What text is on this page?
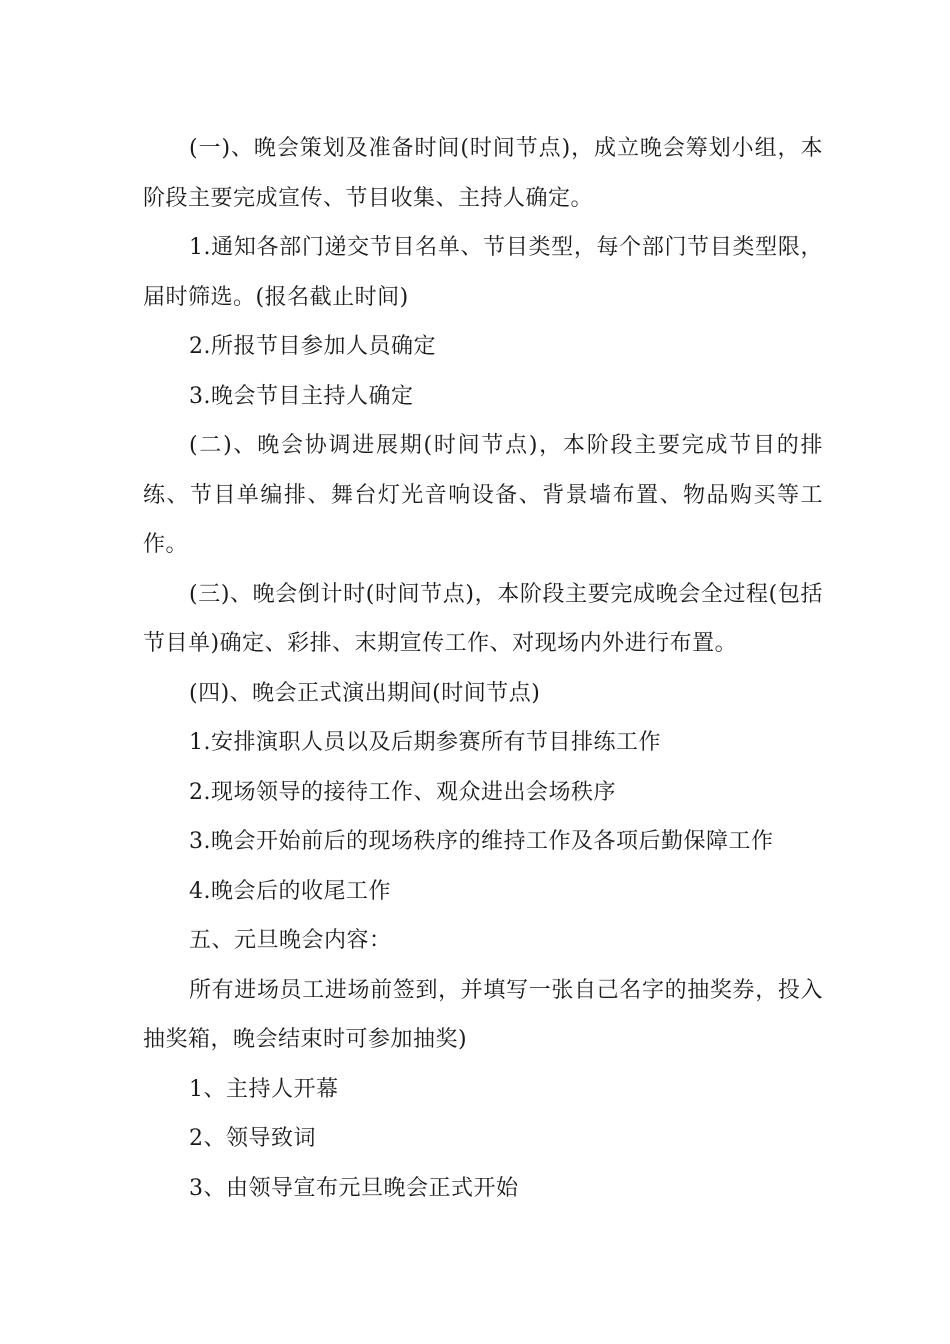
(一)、晚会策划及准备时间(时间节点)，成立晚会筹划小组，本阶段主要完成宣传、节目收集、主持人确定。

1.通知各部门递交节目名单、节目类型，每个部门节目类型限，届时筛选。(报名截止时间)

2.所报节目参加人员确定

3.晚会节目主持人确定

(二)、晚会协调进展期(时间节点)，本阶段主要完成节目的排练、节目单编排、舞台灯光音响设备、背景墙布置、物品购买等工作。

(三)、晚会倒计时(时间节点)，本阶段主要完成晚会全过程(包括节目单)确定、彩排、末期宣传工作、对现场内外进行布置。

(四)、晚会正式演出期间(时间节点)

1.安排演职人员以及后期参赛所有节目排练工作

2.现场领导的接待工作、观众进出会场秩序

3.晚会开始前后的现场秩序的维持工作及各项后勤保障工作

4.晚会后的收尾工作

五、元旦晚会内容：

所有进场员工进场前签到，并填写一张自己名字的抽奖券，投入抽奖箱，晚会结束时可参加抽奖)

1、主持人开幕

2、领导致词

3、由领导宣布元旦晚会正式开始
